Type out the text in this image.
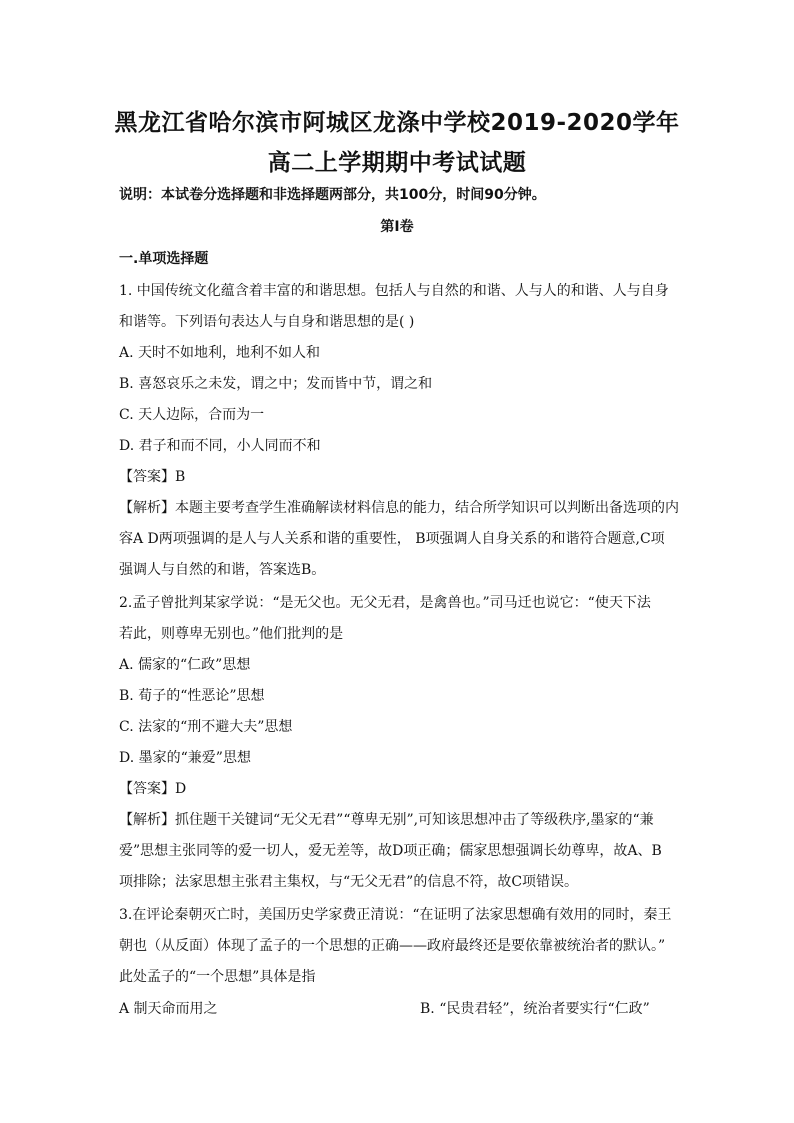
黑龙江省哈尔滨市阿城区龙涤中学校2019-2020学年
高二上学期期中考试试题
说明：本试卷分选择题和非选择题两部分，共100分，时间90分钟。
第Ⅰ卷
一.单项选择题
1. 中国传统文化蕴含着丰富的和谐思想。包括人与自然的和谐、人与人的和谐、人与自身
和谐等。下列语句表达人与自身和谐思想的是( )
A. 天时不如地利，地利不如人和
B. 喜怒哀乐之未发，谓之中；发而皆中节，谓之和
C. 天人边际，合而为一
D. 君子和而不同，小人同而不和
【答案】B
【解析】本题主要考查学生准确解读材料信息的能力，结合所学知识可以判断出备选项的内
容A D两项强调的是人与人关系和谐的重要性， B项强调人自身关系的和谐符合题意,C项
强调人与自然的和谐，答案选B。
2.孟子曾批判某家学说：“是无父也。无父无君，是禽兽也。”司马迁也说它：“使天下法
若此，则尊卑无别也。”他们批判的是
A. 儒家的“仁政”思想
B. 荀子的“性恶论”思想
C. 法家的“刑不避大夫”思想
D. 墨家的“兼爱”思想
【答案】D
【解析】抓住题干关键词“无父无君”“尊卑无别”,可知该思想冲击了等级秩序,墨家的“兼
爱”思想主张同等的爱一切人，爱无差等，故D项正确；儒家思想强调长幼尊卑，故A、B
项排除；法家思想主张君主集权，与“无父无君”的信息不符，故C项错误。
3.在评论秦朝灭亡时，美国历史学家费正清说：“在证明了法家思想确有效用的同时，秦王
朝也（从反面）体现了孟子的一个思想的正确——政府最终还是要依靠被统治者的默认。”
此处孟子的“一个思想”具体是指
A 制天命而用之	B. “民贵君轻”，统治者要实行“仁政”
